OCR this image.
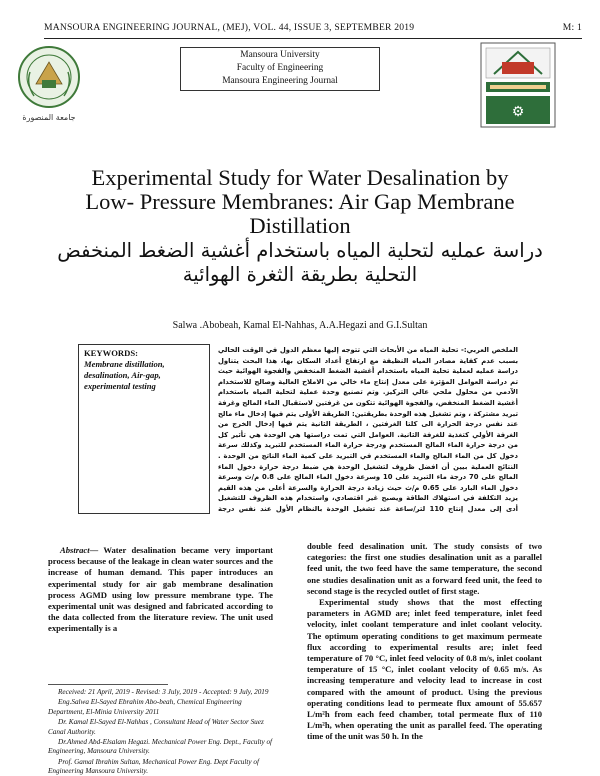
MANSOURA ENGINEERING JOURNAL, (MEJ), VOL. 44, ISSUE 3, SEPTEMBER 2019	M: 1
جامعة المنصورة	⚙
Mansoura University
Faculty of Engineering
Mansoura Engineering Journal
Experimental Study for Water Desalination by
Low- Pressure Membranes: Air Gap Membrane
Distillation
دراسة عمليه لتحلية المياه باستخدام أغشية الضغط المنخفض
التحلية بطريقة الثغرة الهوائية
Salwa .Abobeah, Kamal El-Nahhas, A.A.Hegazi and G.I.Sultan
KEYWORDS:
Membrane distillation, desalination, Air-gap, experimental testing

الملخص العربي:- تحلية المياه من الأبحاث التي تتوجه إليها معظم الدول في الوقت الحالي بسبب عدم كفاية مصادر المياه النظيفة مع ارتفاع أعداد السكان بها، هذا البحث يتناول دراسة عمليه لعملية تحلية المياه باستخدام أغشية الضغط المنخفض والفجوة الهوائية حيث تم دراسة العوامل المؤثرة على معدل إنتاج ماء خالي من الاملاح العالية وصالح للاستخدام الآدمي من محلول ملحي عالي التركيز. وتم تصنيع وحدة عملية لتحلية المياه باستخدام أغشية الضغط المنخفض، والفجوة الهوائية تتكون من غرفتين لاستقبال الماء المالح وغرفة تبريد مشتركة ، وتم تشغيل هذه الوحدة بطريقتين: الطريقة الأولى يتم فيها إدخال ماء مالح عند نفس درجة الحرارة الى كلتا الغرفتين ، الطريقة الثانية يتم فيها إدخال الخرج من الغرفة الأولي كتغذية للغرفة الثانية. العوامل التي تمت دراستها هي الوحدة هي تأثير كل من درجة حرارة الماء المالح المستخدم ودرجة حرارة الماء المستخدم للتبريد وكذلك سرعة دخول كل من الماء المالح والماء المستخدم في التبريد على كمية الماء الناتج من الوحدة . النتائج العملية بيين أن افضل ظروف لتشغيل الوحدة هي ضبط درجة حرارة دخول الماء المالح على 70 درجة ماء التبريد على 10 وسرعة دخول الماء المالح على 0.8 م/ث وسرعة دخول الماء البارد على 0.65 م/ث حيث زيادة درجة الحرارة والسرعة أعلى من هذه القيم يزيد التكلفة في استهلاك الطاقة ويصبح غير اقتصادي، واستخدام هذه الظروف للتشغيل أدى إلى معدل إنتاج 110 لتر/ساعة عند تشغيل الوحدة بالنظام الأول عند نفس درجة

Abstract— Water desalination became very important process because of the leakage in clean water sources and the increase of human demand. This paper introduces an experimental study for air gab membrane desalination process AGMD using low pressure membrane type. The experimental unit was designed and fabricated according to the data collected from the literature review. The unit used experimentally is a

Received: 21 April, 2019 - Revised: 3 July, 2019 - Accepted: 9 July, 2019

Eng.Salwa El-Sayed Ebrahim Abo-beah, Chemical Engineering Department, El-Minia University 2011

Dr. Kamal El-Sayed El-Nahhas , Consultant Head of Water Sector Suez Canal Authority.

Dr.Ahmed Abd-Elsalam Hegazi. Mechanical Power Eng. Dept., Faculty of Engineering, Mansoura University.

Prof. Gamal Ibrahim Sultan, Mechanical Power Eng. Dept Faculty of Engineering Mansoura University.

double feed desalination unit. The study consists of two categories: the first one studies desalination unit as a parallel feed unit, the two feed have the same temperature, the second one studies desalination unit as a forward feed unit, the feed to second stage is the recycled outlet of first stage.

Experimental study shows that the most effecting parameters in AGMD are; inlet feed temperature, inlet feed velocity, inlet coolant temperature and inlet coolant velocity. The optimum operating conditions to get maximum permeate flux according to experimental results are; inlet feed temperature of 70 °C, inlet feed velocity of 0.8 m/s, inlet coolant temperature of 15 °C, inlet coolant velocity of 0.65 m/s. As increasing temperature and velocity lead to increase in cost compared with the amount of product. Using the previous operating conditions lead to permeate flux amount of 55.657 L/m²h from each feed chamber, total permeate flux of 110 L/m²h, when operating the unit as parallel feed. The operating time of the unit was 50 h. In the
